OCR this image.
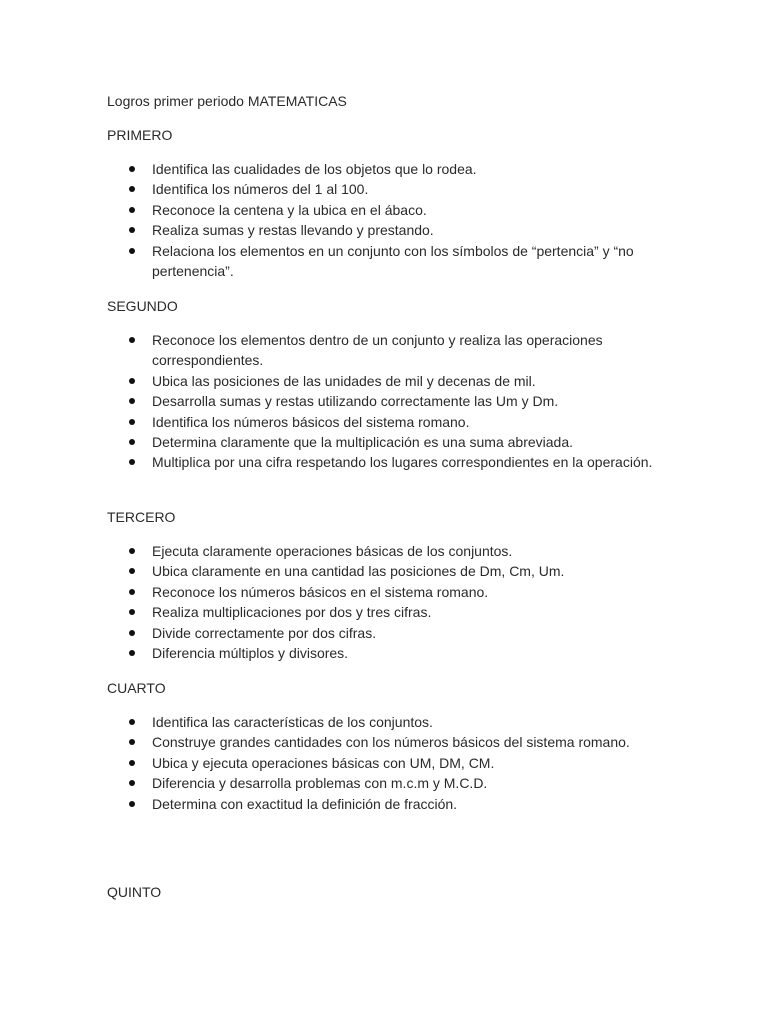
Logros primer periodo MATEMATICAS

PRIMERO

Identifica las cualidades de los objetos que lo rodea.
Identifica los números del 1 al 100.
Reconoce la centena y la ubica en el ábaco.
Realiza sumas y restas llevando y prestando.
Relaciona los elementos en un conjunto con los símbolos de “pertencia” y “no pertenencia”.

SEGUNDO

Reconoce los elementos dentro de un conjunto y realiza las operaciones correspondientes.
Ubica las posiciones de las unidades de mil y decenas de mil.
Desarrolla sumas y restas utilizando correctamente las Um y Dm.
Identifica los números básicos del sistema romano.
Determina claramente que la multiplicación es una suma abreviada.
Multiplica por una cifra respetando los lugares correspondientes en la operación.

TERCERO

Ejecuta claramente operaciones básicas de los conjuntos.
Ubica claramente en una cantidad las posiciones de Dm, Cm, Um.
Reconoce los números básicos en el sistema romano.
Realiza multiplicaciones por dos y tres cifras.
Divide correctamente por dos cifras.
Diferencia múltiplos y divisores.

CUARTO

Identifica las características de los conjuntos.
Construye grandes cantidades con los números básicos del sistema romano.
Ubica y ejecuta operaciones básicas con UM, DM, CM.
Diferencia y desarrolla problemas con m.c.m y M.C.D.
Determina con exactitud la definición de fracción.

QUINTO
